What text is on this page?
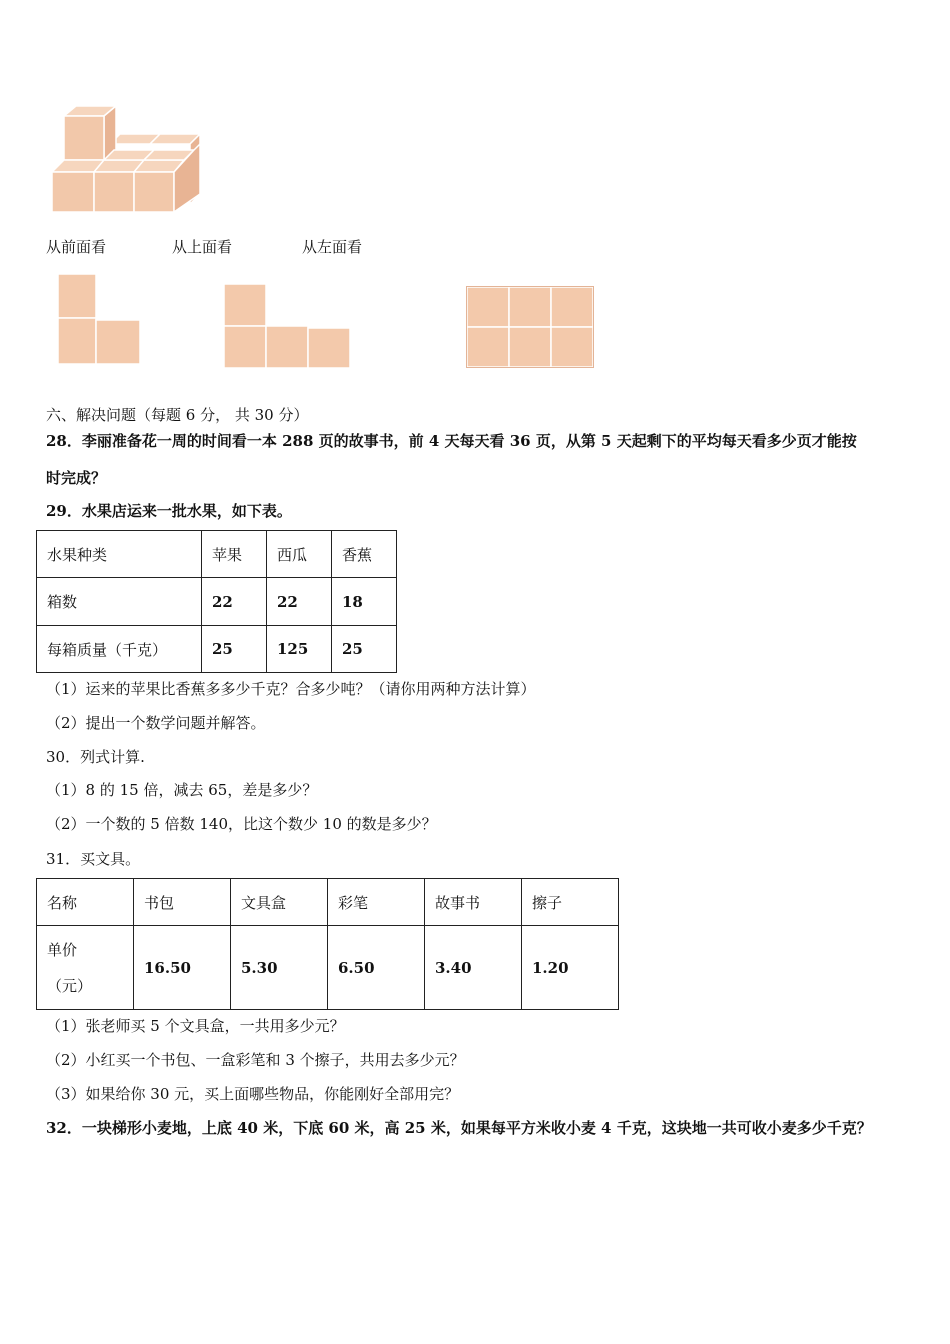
从前面看	从上面看	从左面看
六、解决问题（每题 6 分， 共 30 分）
28．李丽准备花一周的时间看一本 288 页的故事书，前 4 天每天看 36 页，从第 5 天起剩下的平均每天看多少页才能按
时完成？
29．水果店运来一批水果，如下表。
水果种类	苹果	西瓜	香蕉
箱数	22	22	18
每箱质量（千克）	25	125	25
（1）运来的苹果比香蕉多多少千克？合多少吨？（请你用两种方法计算）
（2）提出一个数学问题并解答。
30．列式计算.
（1）8 的 15 倍，减去 65，差是多少？
（2）一个数的 5 倍数 140，比这个数少 10 的数是多少？
31．买文具。
名称	书包	文具盒	彩笔	故事书	擦子

单价
（元）	16.50	5.30	6.50	3.40	1.20
（1）张老师买 5 个文具盒，一共用多少元？
（2）小红买一个书包、一盒彩笔和 3 个擦子，共用去多少元？
（3）如果给你 30 元，买上面哪些物品，你能刚好全部用完？
32．一块梯形小麦地，上底 40 米，下底 60 米，高 25 米，如果每平方米收小麦 4 千克，这块地一共可收小麦多少千克？
